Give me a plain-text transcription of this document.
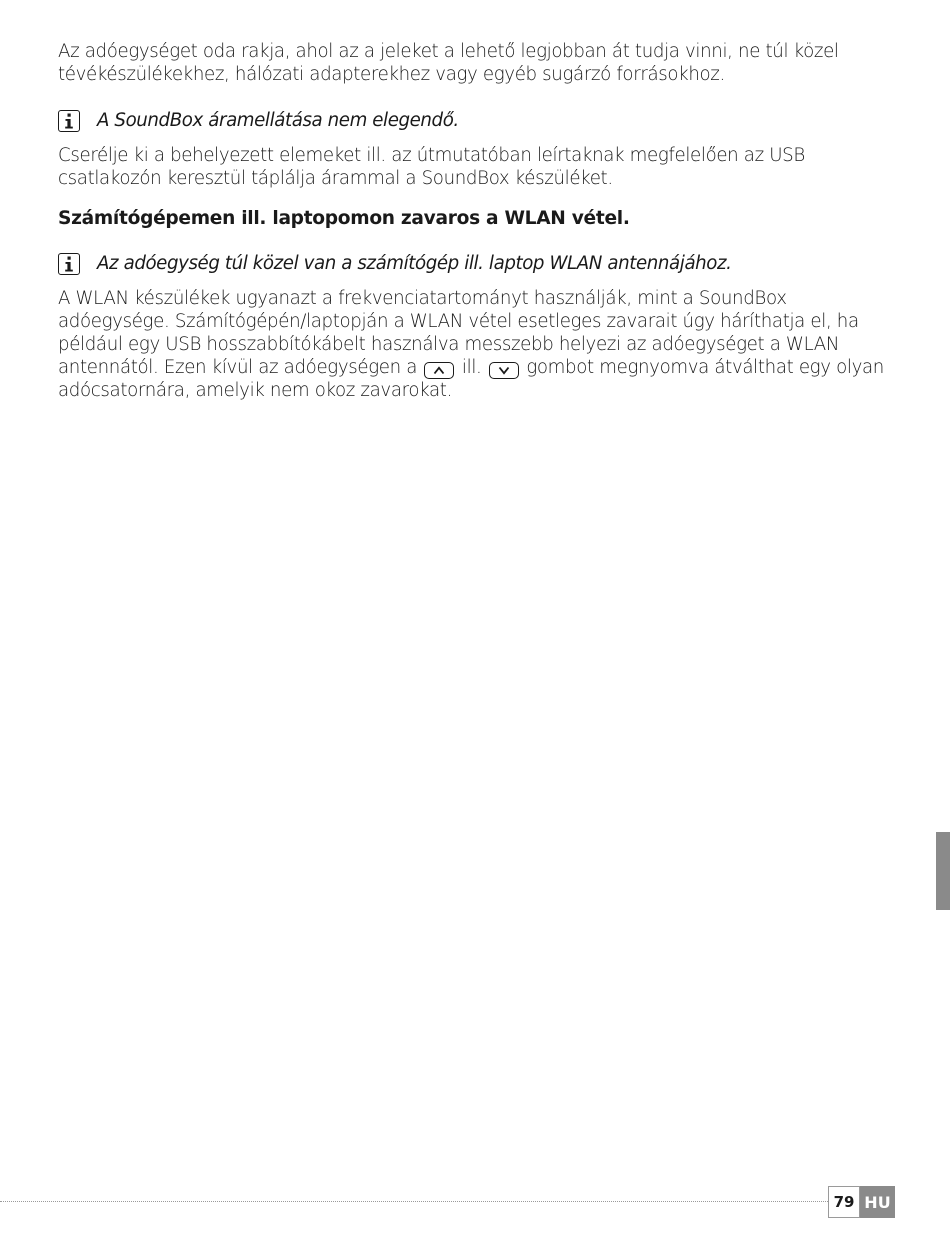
Az adóegységet oda rakja, ahol az a jeleket a lehető legjobban át tudja vinni, ne túl közel tévékészülékekhez, hálózati adapterekhez vagy egyéb sugárzó forrásokhoz.

A SoundBox áramellátása nem elegendő.

Cserélje ki a behelyezett elemeket ill. az útmutatóban leírtaknak megfelelően az USB csatlakozón keresztül táplálja árammal a SoundBox készüléket.

Számítógépemen ill. laptopomon zavaros a WLAN vétel.
Az adóegység túl közel van a számítógép ill. laptop WLAN antennájához.

A WLAN készülékek ugyanazt a frekvenciatartományt használják, mint a SoundBox adóegysége. Számítógépén/laptopján a WLAN vétel esetleges zavarait úgy háríthatja el, ha például egy USB hosszabbítókábelt használva messzebb helyezi az adóegységet a WLAN antennától. Ezen kívül az adóegységen a ill. gombot megnyomva átválthat egy olyan adócsatornára, amelyik nem okoz zavarokat.

79 HU
